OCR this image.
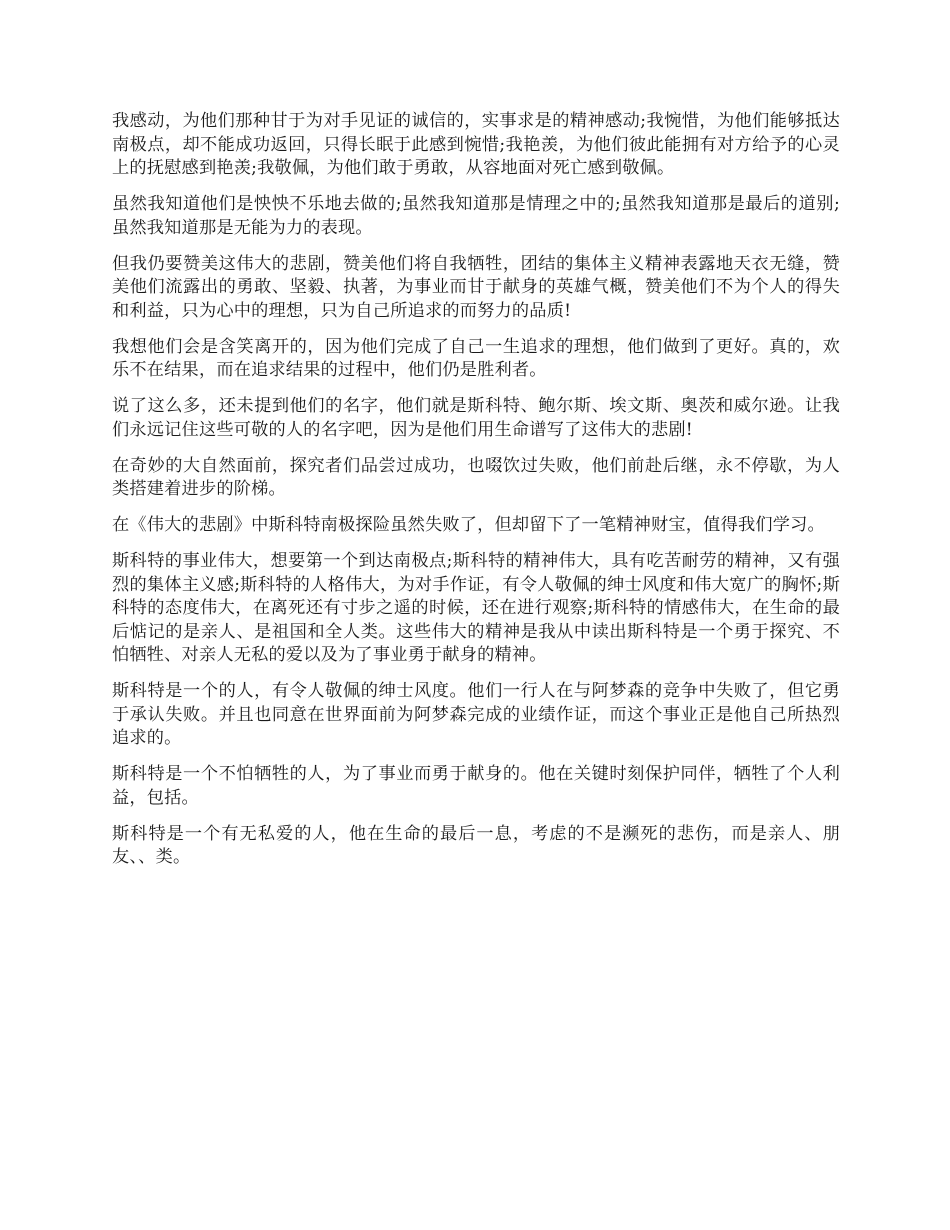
我感动，为他们那种甘于为对手见证的诚信的，实事求是的精神感动;我惋惜，为他们能够抵达南极点，却不能成功返回，只得长眠于此感到惋惜;我艳羡，为他们彼此能拥有对方给予的心灵上的抚慰感到艳羡;我敬佩，为他们敢于勇敢，从容地面对死亡感到敬佩。

虽然我知道他们是怏怏不乐地去做的;虽然我知道那是情理之中的;虽然我知道那是最后的道别;虽然我知道那是无能为力的表现。

但我仍要赞美这伟大的悲剧，赞美他们将自我牺牲，团结的集体主义精神表露地天衣无缝，赞美他们流露出的勇敢、坚毅、执著，为事业而甘于献身的英雄气概，赞美他们不为个人的得失和利益，只为心中的理想，只为自己所追求的而努力的品质!

我想他们会是含笑离开的，因为他们完成了自己一生追求的理想，他们做到了更好。真的，欢乐不在结果，而在追求结果的过程中，他们仍是胜利者。

说了这么多，还未提到他们的名字，他们就是斯科特、鲍尔斯、埃文斯、奥茨和威尔逊。让我们永远记住这些可敬的人的名字吧，因为是他们用生命谱写了这伟大的悲剧!

在奇妙的大自然面前，探究者们品尝过成功，也啜饮过失败，他们前赴后继，永不停歇，为人类搭建着进步的阶梯。

在《伟大的悲剧》中斯科特南极探险虽然失败了，但却留下了一笔精神财宝，值得我们学习。

斯科特的事业伟大，想要第一个到达南极点;斯科特的精神伟大，具有吃苦耐劳的精神，又有强烈的集体主义感;斯科特的人格伟大，为对手作证，有令人敬佩的绅士风度和伟大宽广的胸怀;斯科特的态度伟大，在离死还有寸步之遥的时候，还在进行观察;斯科特的情感伟大，在生命的最后惦记的是亲人、是祖国和全人类。这些伟大的精神是我从中读出斯科特是一个勇于探究、不怕牺牲、对亲人无私的爱以及为了事业勇于献身的精神。

斯科特是一个的人，有令人敬佩的绅士风度。他们一行人在与阿梦森的竞争中失败了，但它勇于承认失败。并且也同意在世界面前为阿梦森完成的业绩作证，而这个事业正是他自己所热烈追求的。

斯科特是一个不怕牺牲的人，为了事业而勇于献身的。他在关键时刻保护同伴，牺牲了个人利益，包括。

斯科特是一个有无私爱的人，他在生命的最后一息，考虑的不是濒死的悲伤，而是亲人、朋友、、类。
